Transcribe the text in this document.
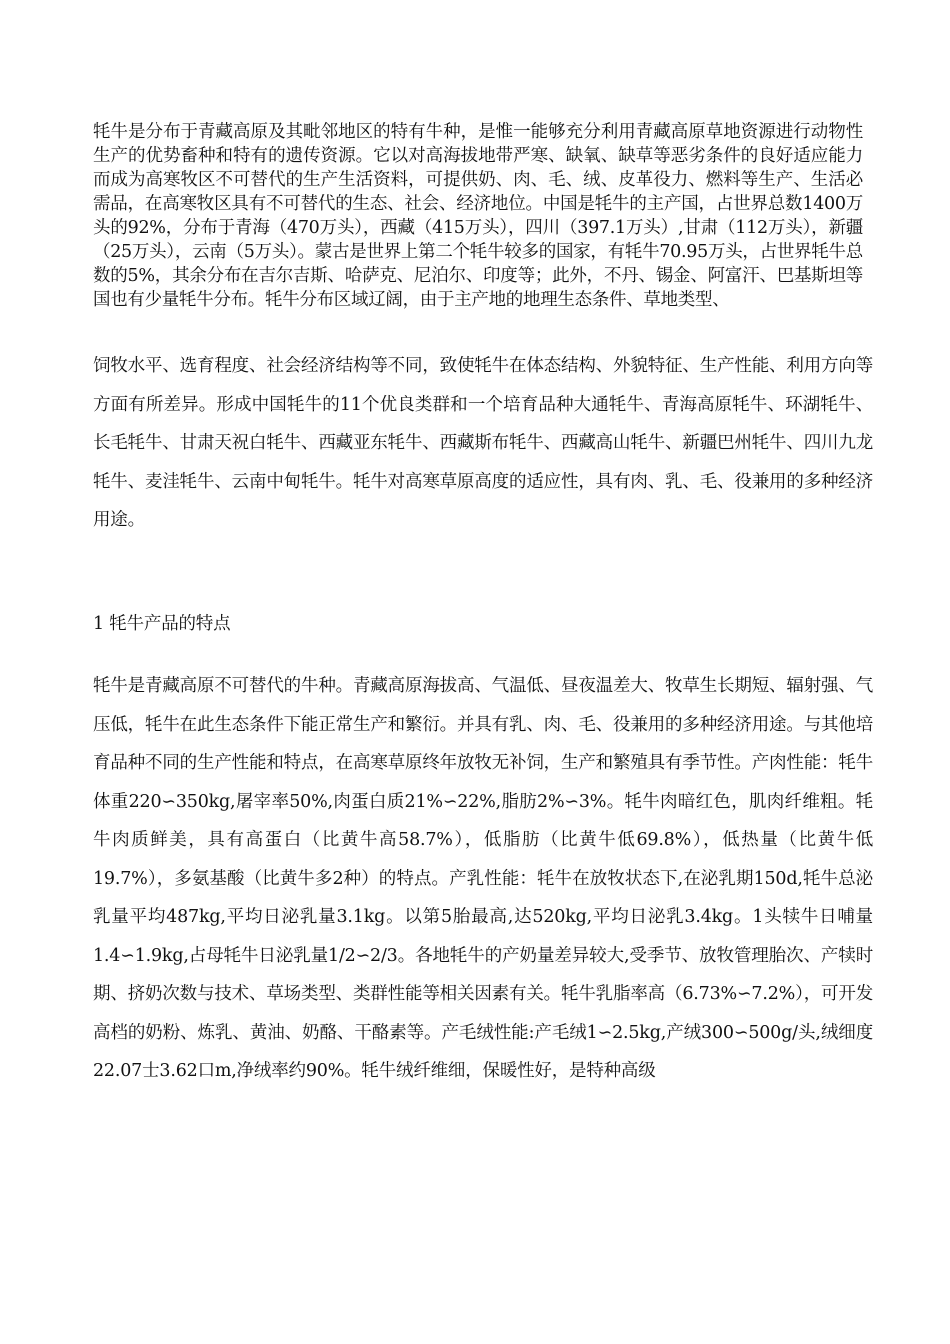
牦牛是分布于青藏高原及其毗邻地区的特有牛种，是惟一能够充分利用青藏高原草地资源进行动物性生产的优势畜种和特有的遗传资源。它以对高海拔地带严寒、缺氧、缺草等恶劣条件的良好适应能力而成为高寒牧区不可替代的生产生活资料，可提供奶、肉、毛、绒、皮革役力、燃料等生产、生活必需品，在高寒牧区具有不可替代的生态、社会、经济地位。中国是牦牛的主产国，占世界总数1400万头的92%，分布于青海（470万头），西藏（415万头），四川（397.1万头）,甘肃（112万头），新疆（25万头），云南（5万头）。蒙古是世界上第二个牦牛较多的国家，有牦牛70.95万头，占世界牦牛总数的5%，其余分布在吉尔吉斯、哈萨克、尼泊尔、印度等；此外，不丹、锡金、阿富汗、巴基斯坦等国也有少量牦牛分布。牦牛分布区域辽阔，由于主产地的地理生态条件、草地类型、

饲牧水平、选育程度、社会经济结构等不同，致使牦牛在体态结构、外貌特征、生产性能、利用方向等方面有所差异。形成中国牦牛的11个优良类群和一个培育品种大通牦牛、青海高原牦牛、环湖牦牛、长毛牦牛、甘肃天祝白牦牛、西藏亚东牦牛、西藏斯布牦牛、西藏高山牦牛、新疆巴州牦牛、四川九龙牦牛、麦洼牦牛、云南中甸牦牛。牦牛对高寒草原高度的适应性，具有肉、乳、毛、役兼用的多种经济用途。

1 牦牛产品的特点

牦牛是青藏高原不可替代的牛种。青藏高原海拔高、气温低、昼夜温差大、牧草生长期短、辐射强、气压低，牦牛在此生态条件下能正常生产和繁衍。并具有乳、肉、毛、役兼用的多种经济用途。与其他培育品种不同的生产性能和特点，在高寒草原终年放牧无补饲，生产和繁殖具有季节性。产肉性能：牦牛体重220∽350kg,屠宰率50%,肉蛋白质21%∽22%,脂肪2%∽3%。牦牛肉暗红色，肌肉纤维粗。牦牛肉质鲜美，具有高蛋白（比黄牛高58.7%），低脂肪（比黄牛低69.8%），低热量（比黄牛低19.7%），多氨基酸（比黄牛多2种）的特点。产乳性能：牦牛在放牧状态下,在泌乳期150d,牦牛总泌乳量平均487kg,平均日泌乳量3.1kg。以第5胎最高,达520kg,平均日泌乳3.4kg。1头犊牛日哺量1.4∽1.9kg,占母牦牛日泌乳量1/2∽2/3。各地牦牛的产奶量差异较大,受季节、放牧管理胎次、产犊时期、挤奶次数与技术、草场类型、类群性能等相关因素有关。牦牛乳脂率高（6.73%∽7.2%），可开发高档的奶粉、炼乳、黄油、奶酪、干酪素等。产毛绒性能:产毛绒1∽2.5kg,产绒300∽500g/头,绒细度22.07士3.62口m,净绒率约90%。牦牛绒纤维细，保暖性好，是特种高级
